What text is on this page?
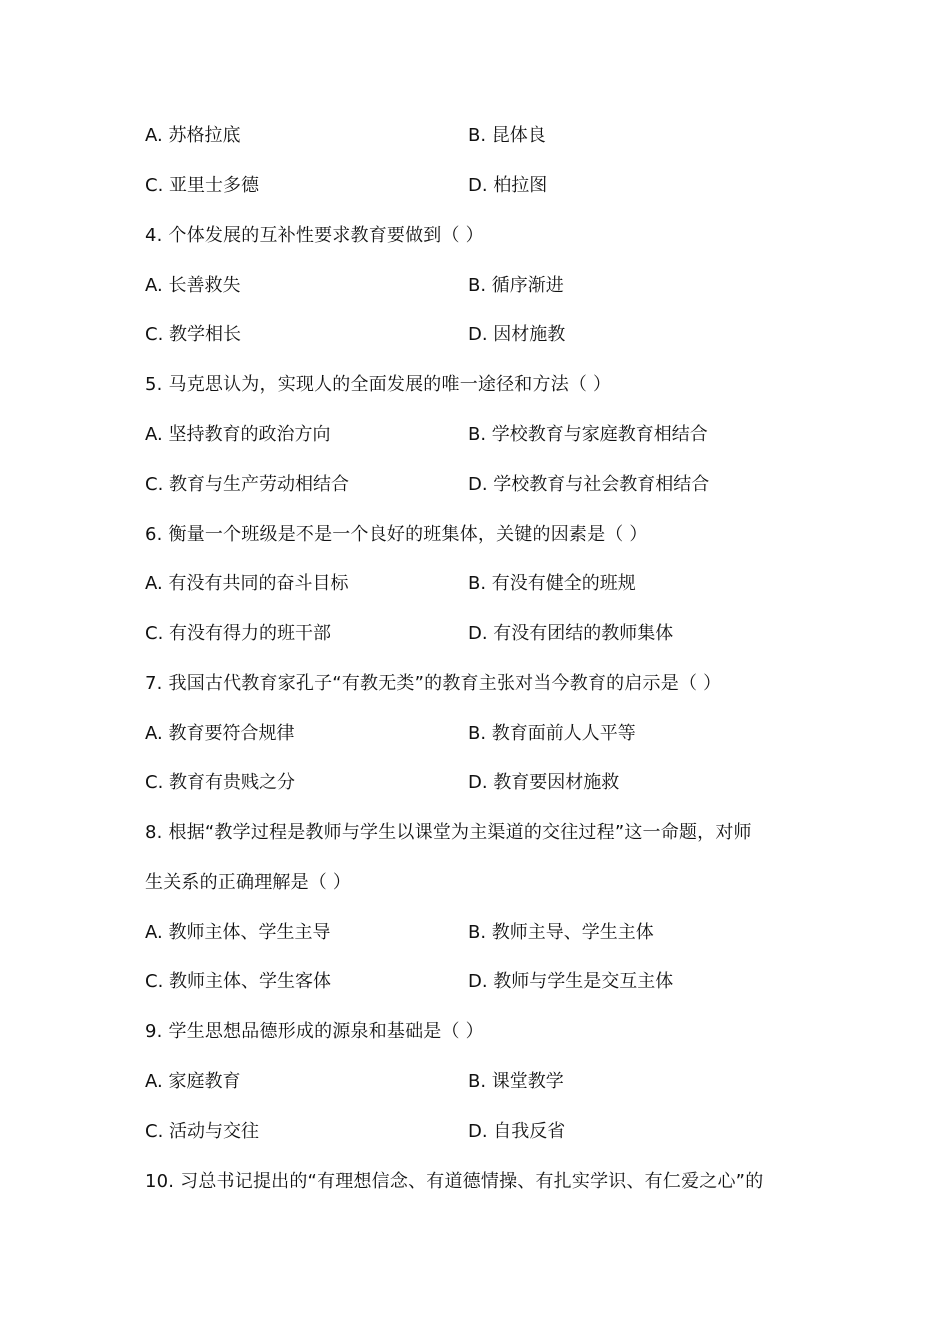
A. 苏格拉底	B. 昆体良
C. 亚里士多德	D. 柏拉图
4. 个体发展的互补性要求教育要做到（ ）
A. 长善救失	B. 循序渐进
C. 教学相长	D. 因材施教
5. 马克思认为，实现人的全面发展的唯一途径和方法（ ）
A. 坚持教育的政治方向	B. 学校教育与家庭教育相结合
C. 教育与生产劳动相结合	D. 学校教育与社会教育相结合
6. 衡量一个班级是不是一个良好的班集体，关键的因素是（ ）
A. 有没有共同的奋斗目标	B. 有没有健全的班规
C. 有没有得力的班干部	D. 有没有团结的教师集体
7. 我国古代教育家孔子“有教无类”的教育主张对当今教育的启示是（ ）
A. 教育要符合规律	B. 教育面前人人平等
C. 教育有贵贱之分	D. 教育要因材施救
8. 根据“教学过程是教师与学生以课堂为主渠道的交往过程”这一命题，对师
生关系的正确理解是（ ）
A. 教师主体、学生主导	B. 教师主导、学生主体
C. 教师主体、学生客体	D. 教师与学生是交互主体
9. 学生思想品德形成的源泉和基础是（ ）
A. 家庭教育	B. 课堂教学
C. 活动与交往	D. 自我反省
10. 习总书记提出的“有理想信念、有道德情操、有扎实学识、有仁爱之心”的
